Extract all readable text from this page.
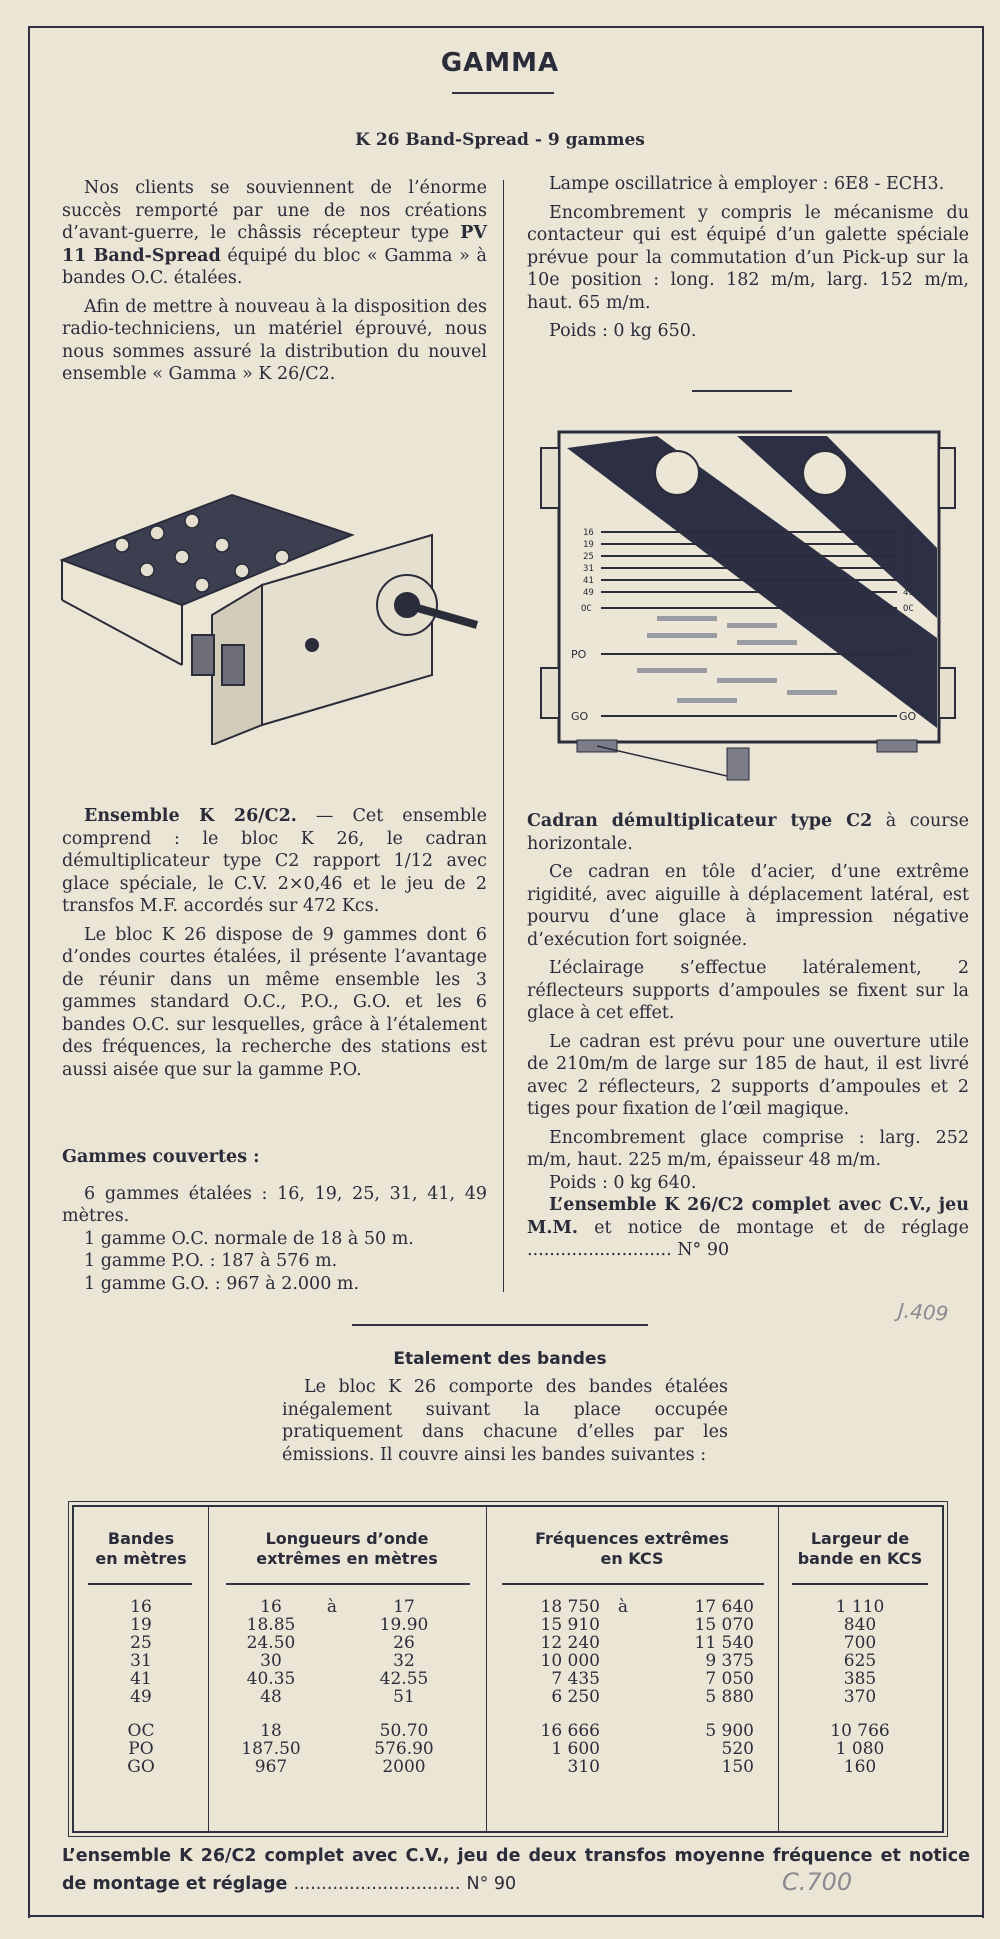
GAMMA
K 26 Band-Spread - 9 gammes

Nos clients se souviennent de l’énorme succès remporté par une de nos créations d’avant-guerre, le châssis récepteur type PV 11 Band-Spread équipé du bloc « Gamma » à bandes O.C. étalées.

Afin de mettre à nouveau à la disposition des radio-techniciens, un matériel éprouvé, nous nous sommes assuré la distribution du nouvel ensemble « Gamma » K 26/C2.

Lampe oscillatrice à employer : 6E8 - ECH3.

Encombrement y compris le mécanisme du contacteur qui est équipé d’un galette spéciale prévue pour la commutation d’un Pick-up sur la 10e position : long. 182 m/m, larg. 152 m/m, haut. 65 m/m.

Poids : 0 kg 650.

16
19
25
31
41
49
OC
16
19
25
31
41
49
OC
PO	PO
GO	GO

Ensemble K 26/C2. — Cet ensemble comprend : le bloc K 26, le cadran démultiplicateur type C2 rapport 1/12 avec glace spéciale, le C.V. 2×0,46 et le jeu de 2 transfos M.F. accordés sur 472 Kcs.

Le bloc K 26 dispose de 9 gammes dont 6 d’ondes courtes étalées, il présente l’avantage de réunir dans un même ensemble les 3 gammes standard O.C., P.O., G.O. et les 6 bandes O.C. sur lesquelles, grâce à l’étalement des fréquences, la recherche des stations est aussi aisée que sur la gamme P.O.

Gammes couvertes :

6 gammes étalées : 16, 19, 25, 31, 41, 49 mètres.

1 gamme O.C. normale de 18 à 50 m.

1 gamme P.O. : 187 à 576 m.

1 gamme G.O. : 967 à 2.000 m.

Cadran démultiplicateur type C2 à course horizontale.

Ce cadran en tôle d’acier, d’une extrême rigidité, avec aiguille à déplacement latéral, est pourvu d’une glace à impression négative d’exécution fort soignée.

L’éclairage s’effectue latéralement, 2 réflecteurs supports d’ampoules se fixent sur la glace à cet effet.

Le cadran est prévu pour une ouverture utile de 210m/m de large sur 185 de haut, il est livré avec 2 réflecteurs, 2 supports d’ampoules et 2 tiges pour fixation de l’œil magique.

Encombrement glace comprise : larg. 252 m/m, haut. 225 m/m, épaisseur 48 m/m.

Poids : 0 kg 640.

L’ensemble K 26/C2 complet avec C.V., jeu M.M. et notice de montage et de réglage .......................... N° 90

J.409
Etalement des bandes

Le bloc K 26 comporte des bandes étalées inégalement suivant la place occupée pratiquement dans chacune d’elles par les émissions. Il couvre ainsi les bandes suivantes :

Bandes
en mètres
Longueurs d’onde
extrêmes en mètres
Fréquences extrêmes
en KCS
Largeur de
bande en KCS
16	16	à	17	18 750	à	17 640	1 110
19	18.85	19.90	15 910	15 070	840
25	24.50	26	12 240	11 540	700
31	30	32	10 000	9 375	625
41	40.35	42.55	7 435	7 050	385
49	48	51	6 250	5 880	370
OC	18	50.70	16 666	5 900	10 766
PO	187.50	576.90	1 600	520	1 080
GO	967	2000	310	150	160
L’ensemble K 26/C2 complet avec C.V., jeu de deux transfos moyenne fréquence et notice de montage et réglage .............................. N° 90	C.700
